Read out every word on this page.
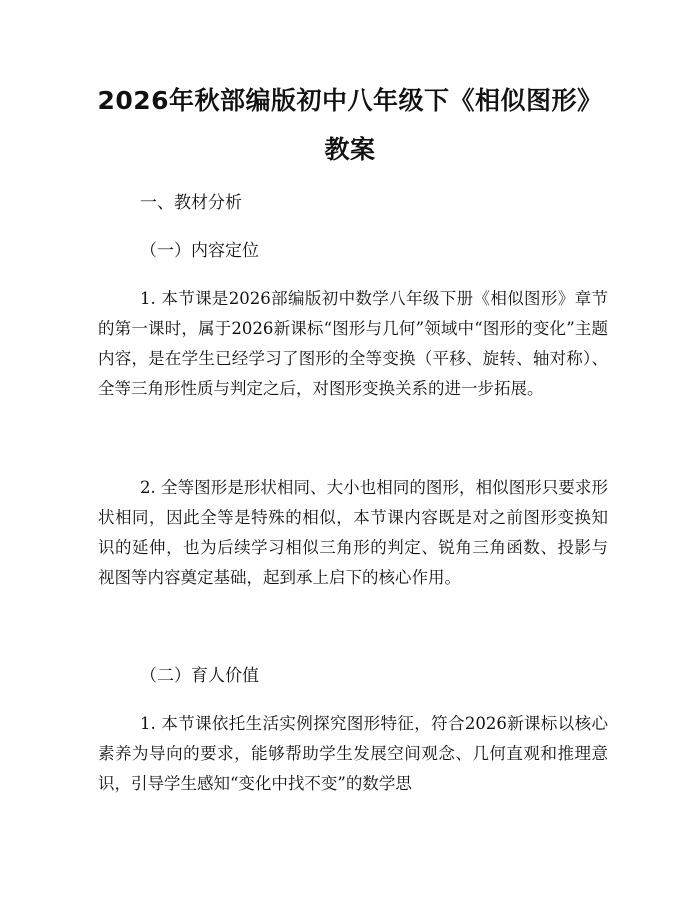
2026年秋部编版初中八年级下《相似图形》
教案
一、教材分析
（一）内容定位

1. 本节课是2026部编版初中数学八年级下册《相似图形》章节的第一课时，属于2026新课标“图形与几何”领域中“图形的变化”主题内容，是在学生已经学习了图形的全等变换（平移、旋转、轴对称）、全等三角形性质与判定之后，对图形变换关系的进一步拓展。

2. 全等图形是形状相同、大小也相同的图形，相似图形只要求形状相同，因此全等是特殊的相似，本节课内容既是对之前图形变换知识的延伸，也为后续学习相似三角形的判定、锐角三角函数、投影与视图等内容奠定基础，起到承上启下的核心作用。

（二）育人价值

1. 本节课依托生活实例探究图形特征，符合2026新课标以核心素养为导向的要求，能够帮助学生发展空间观念、几何直观和推理意识，引导学生感知“变化中找不变”的数学思
